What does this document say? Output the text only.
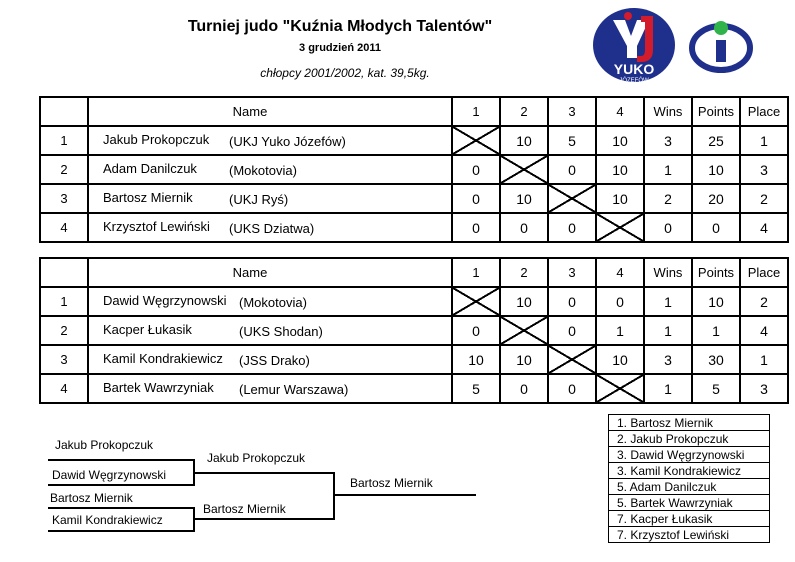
Turniej judo "Kuźnia Młodych Talentów"
3 grudzień 2011
chłopcy 2001/2002, kat. 39,5kg.	YUKO
JÓZEFÓW
	Name	1	2	3	4	Wins	Points	Place
1	Jakub Prokopczuk (UKJ Yuko Józefów)		10	5	10	3	25	1
2	Adam Danilczuk (Mokotovia)	0		0	10	1	10	3
3	Bartosz Miernik (UKJ Ryś)	0	10		10	2	20	2
4	Krzysztof Lewiński (UKS Dziatwa)	0	0	0		0	0	4
	Name	1	2	3	4	Wins	Points	Place
1	Dawid Węgrzynowski (Mokotovia)		10	0	0	1	10	2
2	Kacper Łukasik (UKS Shodan)	0		0	1	1	1	4
3	Kamil Kondrakiewicz (JSS Drako)	10	10		10	3	30	1
4	Bartek Wawrzyniak (Lemur Warszawa)	5	0	0		1	5	3
Jakub Prokopczuk
Dawid Węgrzynowski
Bartosz Miernik
Kamil Kondrakiewicz
Jakub Prokopczuk
Bartosz Miernik
Bartosz Miernik
1. Bartosz Miernik
2. Jakub Prokopczuk
3. Dawid Węgrzynowski
3. Kamil Kondrakiewicz
5. Adam Danilczuk
5. Bartek Wawrzyniak
7. Kacper Łukasik
7. Krzysztof Lewiński
